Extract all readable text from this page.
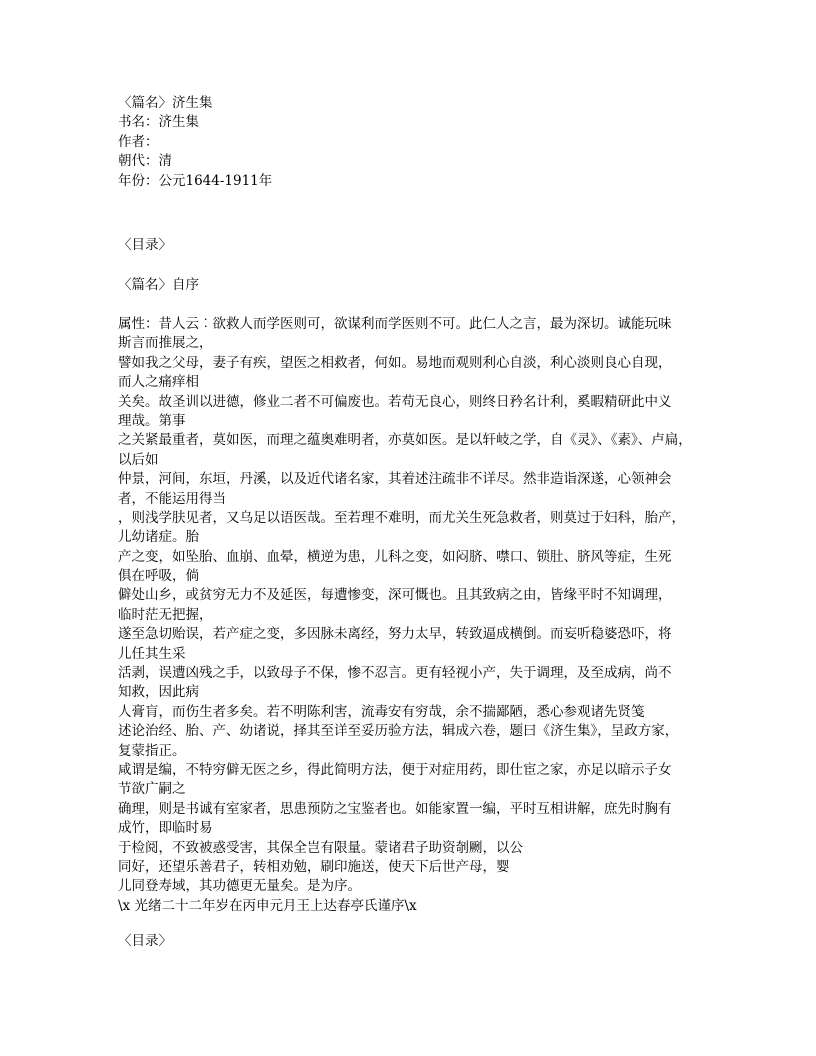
〈篇名〉济生集
书名：济生集
作者：
朝代：清
年份：公元1644-1911年
〈目录〉
〈篇名〉自序
属性：昔人云︰欲救人而学医则可，欲谋利而学医则不可。此仁人之言，最为深切。诚能玩味
斯言而推展之，
譬如我之父母，妻子有疾，望医之相救者，何如。易地而观则利心自淡，利心淡则良心自现，
而人之痛痒相
关矣。故圣训以进德，修业二者不可偏废也。若苟无良心，则终日矜名计利，奚暇精研此中义
理哉。第事
之关紧最重者，莫如医，而理之蕴奥难明者，亦莫如医。是以轩岐之学，自《灵》、《素》、卢扁，
以后如
仲景，河间，东垣，丹溪，以及近代诸名家，其着述注疏非不详尽。然非造诣深遂，心领神会
者，不能运用得当
，则浅学肤见者，又乌足以语医哉。至若理不难明，而尤关生死急救者，则莫过于妇科，胎产，
儿幼诸症。胎
产之变，如坠胎、血崩、血晕，横逆为患，儿科之变，如闷脐、噤口、锁肚、脐风等症，生死
俱在呼吸，倘
僻处山乡，或贫穷无力不及延医，每遭惨变，深可慨也。且其致病之由，皆缘平时不知调理，
临时茫无把握，
遂至急切贻误，若产症之变，多因脉未离经，努力太早，转致逼成横倒。而妄听稳婆恐吓，将
儿任其生采
活剥，误遭凶残之手，以致母子不保，惨不忍言。更有轻视小产，失于调理，及至成病，尚不
知救，因此病
人膏肓，而伤生者多矣。若不明陈利害，流毒安有穷哉，余不揣鄙陋，悉心参观诸先贤笺
述论治经、胎、产、幼诸说，择其至详至妥历验方法，辑成六卷，题曰《济生集》，呈政方家，
复蒙指正。
咸谓是编，不特穷僻无医之乡，得此简明方法，便于对症用药，即仕宦之家，亦足以暗示子女
节欲广嗣之
确理，则是书诚有室家者，思患预防之宝鉴者也。如能家置一编，平时互相讲解，庶先时胸有
成竹，即临时易
于检阅，不致被惑受害，其保全岂有限量。蒙诸君子助资剞劂，以公
同好，还望乐善君子，转相劝勉，刷印施送，使天下后世产母，婴
儿同登寿域，其功德更无量矣。是为序。
\x 光绪二十二年岁在丙申元月王上达春亭氏谨序\x
〈目录〉
